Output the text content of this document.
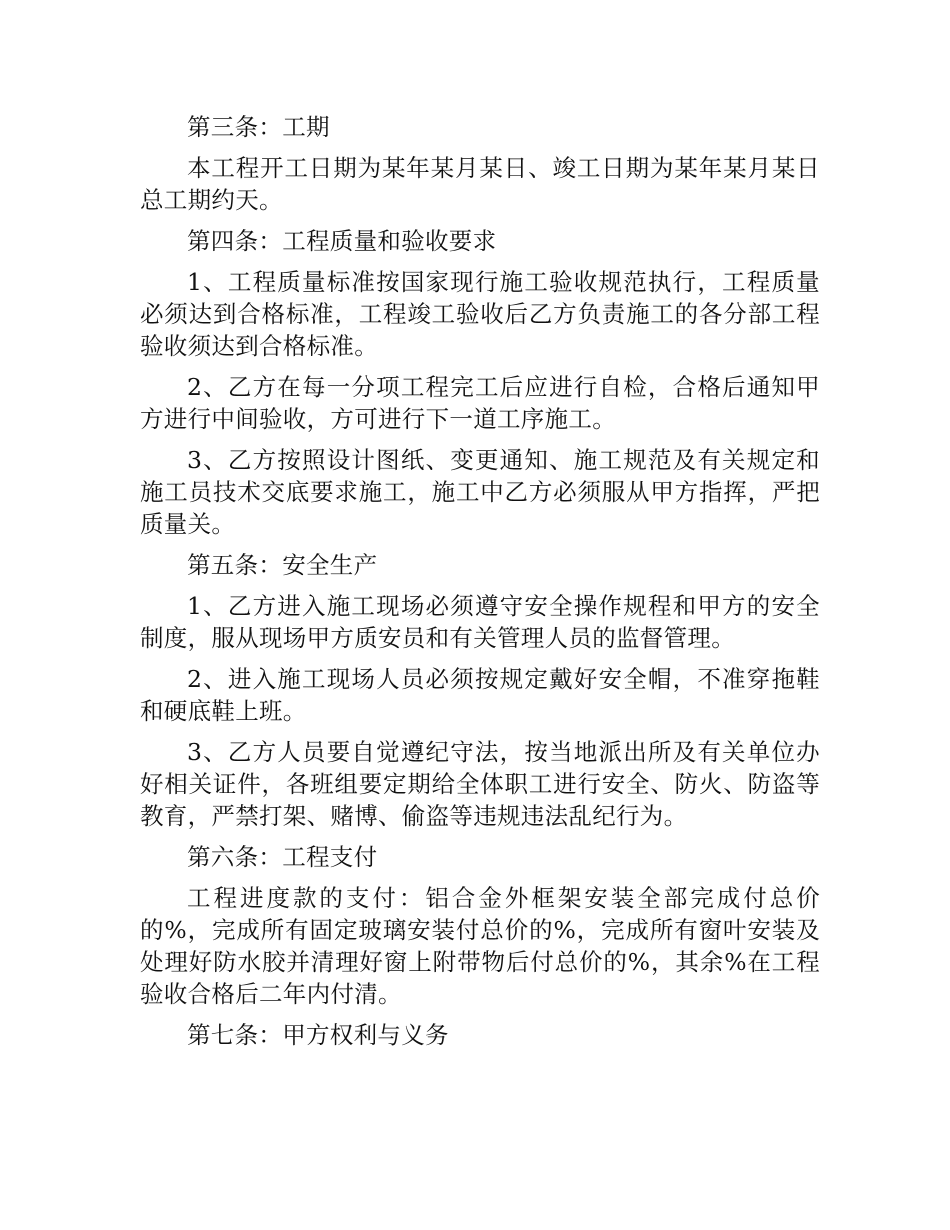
第三条：工期

本工程开工日期为某年某月某日、竣工日期为某年某月某日总工期约天。

第四条：工程质量和验收要求

1、工程质量标准按国家现行施工验收规范执行，工程质量必须达到合格标准，工程竣工验收后乙方负责施工的各分部工程验收须达到合格标准。

2、乙方在每一分项工程完工后应进行自检，合格后通知甲方进行中间验收，方可进行下一道工序施工。

3、乙方按照设计图纸、变更通知、施工规范及有关规定和施工员技术交底要求施工，施工中乙方必须服从甲方指挥，严把质量关。

第五条：安全生产

1、乙方进入施工现场必须遵守安全操作规程和甲方的安全制度，服从现场甲方质安员和有关管理人员的监督管理。

2、进入施工现场人员必须按规定戴好安全帽，不准穿拖鞋和硬底鞋上班。

3、乙方人员要自觉遵纪守法，按当地派出所及有关单位办好相关证件，各班组要定期给全体职工进行安全、防火、防盗等教育，严禁打架、赌博、偷盗等违规违法乱纪行为。

第六条：工程支付

工程进度款的支付：铝合金外框架安装全部完成付总价的%，完成所有固定玻璃安装付总价的%，完成所有窗叶安装及处理好防水胶并清理好窗上附带物后付总价的%，其余%在工程验收合格后二年内付清。

第七条：甲方权利与义务
